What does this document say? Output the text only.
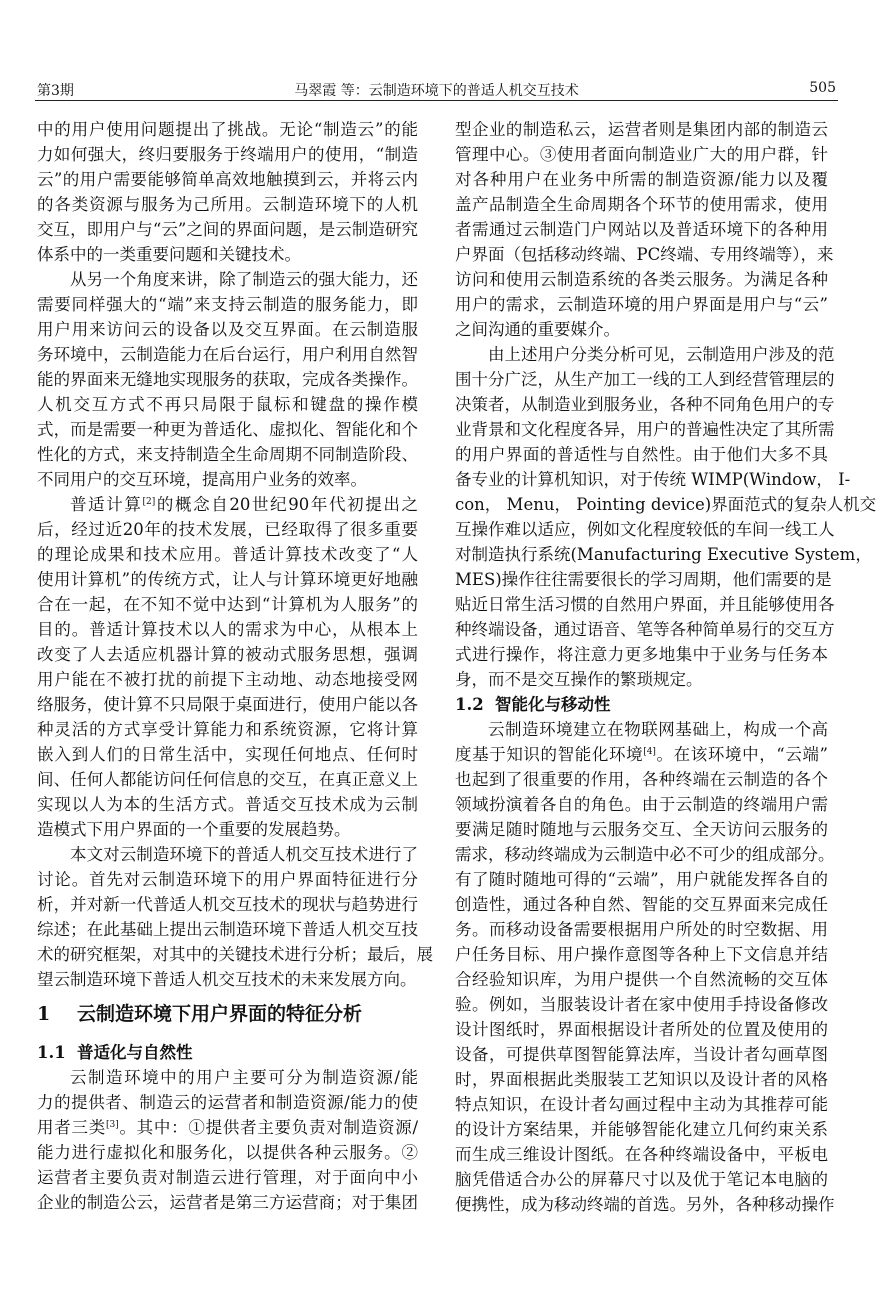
第3期	马翠霞 等：云制造环境下的普适人机交互技术	505
中的用户使用问题提出了挑战。无论“制造云”的能
力如何强大，终归要服务于终端用户的使用，“制造
云”的用户需要能够简单高效地触摸到云，并将云内
的各类资源与服务为己所用。云制造环境下的人机
交互，即用户与“云”之间的界面问题，是云制造研究
体系中的一类重要问题和关键技术。
从另一个角度来讲，除了制造云的强大能力，还
需要同样强大的“端”来支持云制造的服务能力，即
用户用来访问云的设备以及交互界面。在云制造服
务环境中，云制造能力在后台运行，用户利用自然智
能的界面来无缝地实现服务的获取，完成各类操作。
人机交互方式不再只局限于鼠标和键盘的操作模
式，而是需要一种更为普适化、虚拟化、智能化和个
性化的方式，来支持制造全生命周期不同制造阶段、
不同用户的交互环境，提高用户业务的效率。
普适计算[2]的概念自20世纪90年代初提出之
后，经过近20年的技术发展，已经取得了很多重要
的理论成果和技术应用。普适计算技术改变了“人
使用计算机”的传统方式，让人与计算环境更好地融
合在一起，在不知不觉中达到“计算机为人服务”的
目的。普适计算技术以人的需求为中心，从根本上
改变了人去适应机器计算的被动式服务思想，强调
用户能在不被打扰的前提下主动地、动态地接受网
络服务，使计算不只局限于桌面进行，使用户能以各
种灵活的方式享受计算能力和系统资源，它将计算
嵌入到人们的日常生活中，实现任何地点、任何时
间、任何人都能访问任何信息的交互，在真正意义上
实现以人为本的生活方式。普适交互技术成为云制
造模式下用户界面的一个重要的发展趋势。
本文对云制造环境下的普适人机交互技术进行了
讨论。首先对云制造环境下的用户界面特征进行分
析，并对新一代普适人机交互技术的现状与趋势进行
综述；在此基础上提出云制造环境下普适人机交互技
术的研究框架，对其中的关键技术进行分析；最后，展
望云制造环境下普适人机交互技术的未来发展方向。
1 云制造环境下用户界面的特征分析
1.1 普适化与自然性
云制造环境中的用户主要可分为制造资源/能
力的提供者、制造云的运营者和制造资源/能力的使
用者三类[3]。其中：①提供者主要负责对制造资源/
能力进行虚拟化和服务化，以提供各种云服务。②
运营者主要负责对制造云进行管理，对于面向中小
企业的制造公云，运营者是第三方运营商；对于集团
型企业的制造私云，运营者则是集团内部的制造云
管理中心。③使用者面向制造业广大的用户群，针
对各种用户在业务中所需的制造资源/能力以及覆
盖产品制造全生命周期各个环节的使用需求，使用
者需通过云制造门户网站以及普适环境下的各种用
户界面（包括移动终端、PC终端、专用终端等），来
访问和使用云制造系统的各类云服务。为满足各种
用户的需求，云制造环境的用户界面是用户与“云”
之间沟通的重要媒介。
由上述用户分类分析可见，云制造用户涉及的范
围十分广泛，从生产加工一线的工人到经营管理层的
决策者，从制造业到服务业，各种不同角色用户的专
业背景和文化程度各异，用户的普遍性决定了其所需
的用户界面的普适性与自然性。由于他们大多不具
备专业的计算机知识，对于传统 WIMP(Window， I-
con， Menu， Pointing device)界面范式的复杂人机交
互操作难以适应，例如文化程度较低的车间一线工人
对制造执行系统(Manufacturing Executive System，
MES)操作往往需要很长的学习周期，他们需要的是
贴近日常生活习惯的自然用户界面，并且能够使用各
种终端设备，通过语音、笔等各种简单易行的交互方
式进行操作，将注意力更多地集中于业务与任务本
身，而不是交互操作的繁琐规定。
1.2 智能化与移动性
云制造环境建立在物联网基础上，构成一个高
度基于知识的智能化环境[4]。在该环境中，“云端”
也起到了很重要的作用，各种终端在云制造的各个
领域扮演着各自的角色。由于云制造的终端用户需
要满足随时随地与云服务交互、全天访问云服务的
需求，移动终端成为云制造中必不可少的组成部分。
有了随时随地可得的“云端”，用户就能发挥各自的
创造性，通过各种自然、智能的交互界面来完成任
务。而移动设备需要根据用户所处的时空数据、用
户任务目标、用户操作意图等各种上下文信息并结
合经验知识库，为用户提供一个自然流畅的交互体
验。例如，当服装设计者在家中使用手持设备修改
设计图纸时，界面根据设计者所处的位置及使用的
设备，可提供草图智能算法库，当设计者勾画草图
时，界面根据此类服装工艺知识以及设计者的风格
特点知识，在设计者勾画过程中主动为其推荐可能
的设计方案结果，并能够智能化建立几何约束关系
而生成三维设计图纸。在各种终端设备中，平板电
脑凭借适合办公的屏幕尺寸以及优于笔记本电脑的
便携性，成为移动终端的首选。另外，各种移动操作
